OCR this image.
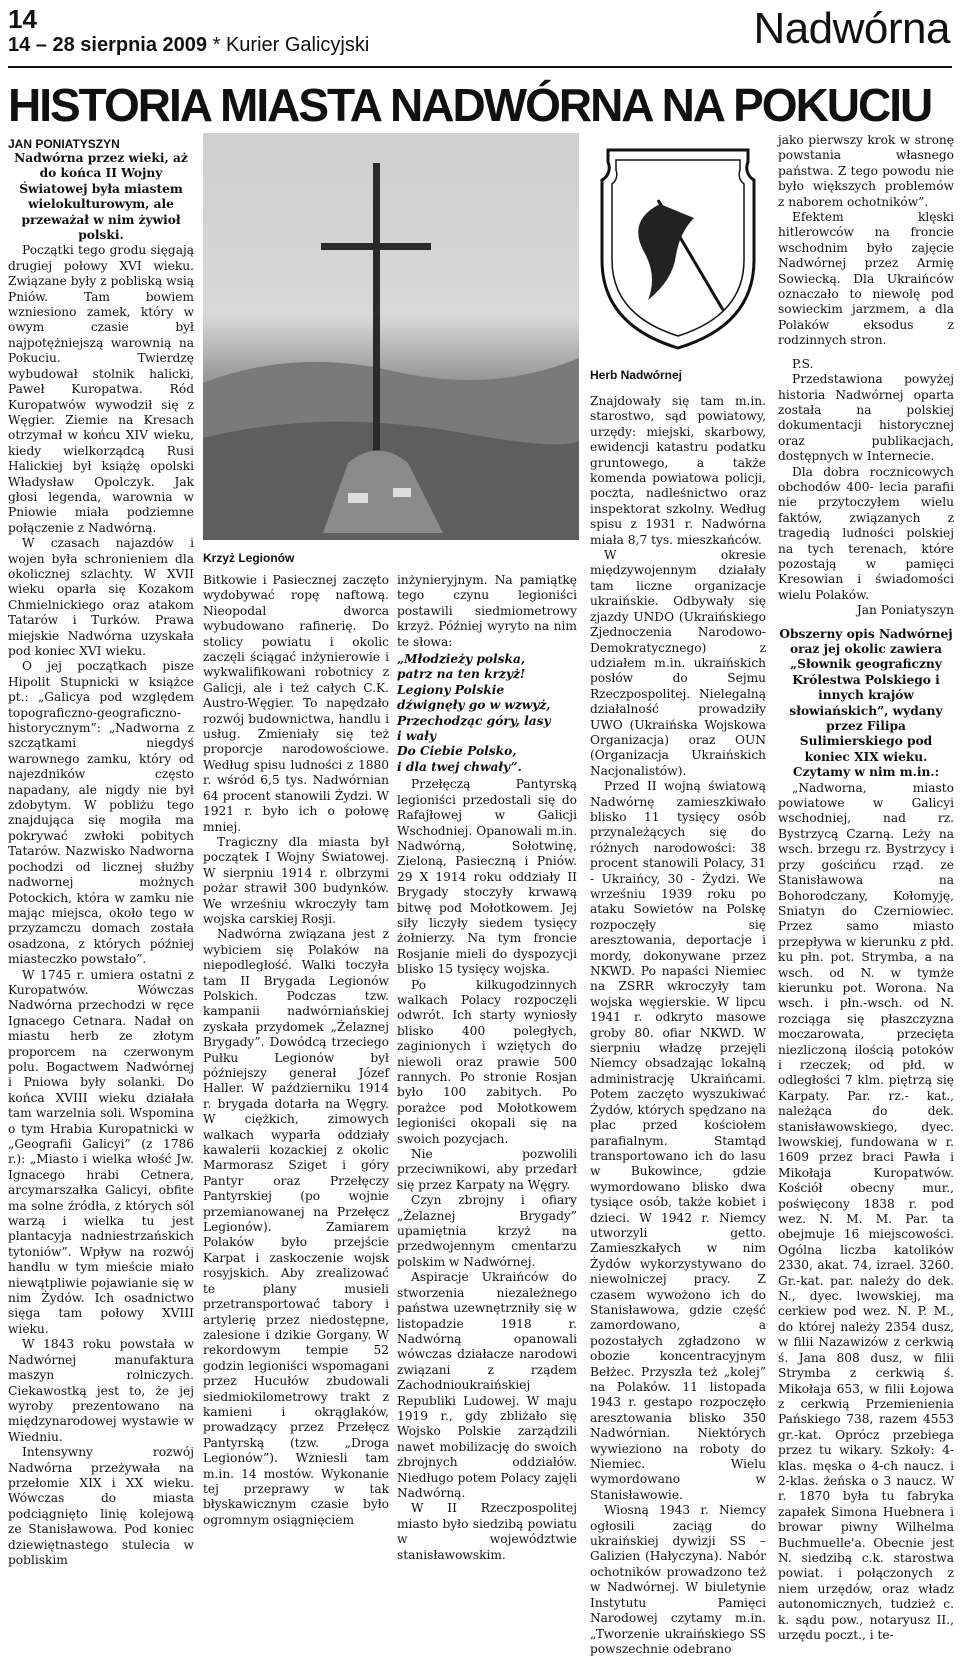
14
14 – 28 sierpnia 2009 * Kurier Galicyjski	Nadwórna
HISTORIA MIASTA NADWÓRNA NA POKUCIU

JAN PONIATYSZYN

Nadwórna przez wieki, aż do końca II Wojny Światowej była miastem wielokulturowym, ale przeważał w nim żywioł polski.

Początki tego grodu sięgają drugiej połowy XVI wieku. Związane były z pobliską wsią Pniów. Tam bowiem wzniesiono zamek, który w owym czasie był najpotężniejszą warownią na Pokuciu. Twierdzę wybudował stolnik halicki, Paweł Kuropatwa. Ród Kuropatwów wywodził się z Węgier. Ziemie na Kresach otrzymał w końcu XIV wieku, kiedy wielkorządcą Rusi Halickiej był książę opolski Władysław Opolczyk. Jak głosi legenda, warownia w Pniowie miała podziemne połączenie z Nadwórną.

W czasach najazdów i wojen była schronieniem dla okolicznej szlachty. W XVII wieku oparła się Kozakom Chmielnickiego oraz atakom Tatarów i Turków. Prawa miejskie Nadwórna uzyskała pod koniec XVI wieku.

O jej początkach pisze Hipolit Stupnicki w książce pt.: „Galicya pod względem topograficzno-geograficzno-historycznym”: „Nadworna z szczątkami niegdyś warownego zamku, który od najezdników często napadany, ale nigdy nie był zdobytym. W pobliżu tego znajdująca się mogiła ma pokrywać zwłoki pobitych Tatarów. Nazwisko Nadworna pochodzi od licznej służby nadwornej możnych Potockich, która w zamku nie mając miejsca, około tego w przyzamczu domach została osadzona, z których później miasteczko powstało”.

W 1745 r. umiera ostatni z Kuropatwów. Wówczas Nadwórna przechodzi w ręce Ignacego Cetnara. Nadał on miastu herb ze złotym proporcem na czerwonym polu. Bogactwem Nadwórnej i Pniowa były solanki. Do końca XVIII wieku działała tam warzelnia soli. Wspomina o tym Hrabia Kuropatnicki w „Geografii Galicyi” (z 1786 r.): „Miasto i wielka włość Jw. Ignacego hrabi Cetnera, arcymarszałka Galicyi, obfite ma solne źródła, z których sól warzą i wielka tu jest plantacyja nadniestrzańskich tytoniów”. Wpływ na rozwój handlu w tym mieście miało niewątpliwie pojawianie się w nim Żydów. Ich osadnictwo sięga tam połowy XVIII wieku.

W 1843 roku powstała w Nadwórnej manufaktura maszyn rolniczych. Ciekawostką jest to, że jej wyroby prezentowano na międzynarodowej wystawie w Wiedniu.

Intensywny rozwój Nadwórna przeżywała na przełomie XIX i XX wieku. Wówczas do miasta podciągnięto linię kolejową ze Stanisławowa. Pod koniec dziewiętnastego stulecia w pobliskim

Krzyż Legionów

Bitkowie i Pasiecznej zaczęto wydobywać ropę naftową. Nieopodal dworca wybudowano rafinerię. Do stolicy powiatu i okolic zaczęli ściągać inżynierowie i wykwalifikowani robotnicy z Galicji, ale i też całych C.K. Austro-Węgier. To napędzało rozwój budownictwa, handlu i usług. Zmieniały się też proporcje narodowościowe. Według spisu ludności z 1880 r. wśród 6,5 tys. Nadwórnian 64 procent stanowili Żydzi. W 1921 r. było ich o połowę mniej.

Tragiczny dla miasta był początek I Wojny Światowej. W sierpniu 1914 r. olbrzymi pożar strawił 300 budynków. We wrześniu wkroczyły tam wojska carskiej Rosji.

Nadwórna związana jest z wybiciem się Polaków na niepodległość. Walki toczyła tam II Brygada Legionów Polskich. Podczas tzw. kampanii nadwórniańskiej zyskała przydomek „Żelaznej Brygady”. Dowódcą trzeciego Pułku Legionów był późniejszy generał Józef Haller. W październiku 1914 r. brygada dotarła na Węgry. W ciężkich, zimowych walkach wyparła oddziały kawalerii kozackiej z okolic Marmorasz Sziget i góry Pantyr oraz Przełęczy Pantyrskiej (po wojnie przemianowanej na Przełęcz Legionów). Zamiarem Polaków było przejście Karpat i zaskoczenie wojsk rosyjskich. Aby zrealizować te plany musieli przetransportować tabory i artylerię przez niedostępne, zalesione i dzikie Gorgany. W rekordowym tempie 52 godzin legioniści wspomagani przez Hucułów zbudowali siedmiokilometrowy trakt z kamieni i okrąglaków, prowadzący przez Przełęcz Pantyrską (tzw. „Droga Legionów”). Wzniesli tam m.in. 14 mostów. Wykonanie tej przeprawy w tak błyskawicznym czasie było ogromnym osiągnięciem

inżynieryjnym. Na pamiątkę tego czynu legioniści postawili siedmiometrowy krzyż. Później wyryto na nim te słowa:

„Młodzieży polska,
patrz na ten krzyż!
Legiony Polskie
dźwignęły go w wzwyż,
Przechodząc góry, lasy
i wały
Do Ciebie Polsko,
i dla twej chwały”.

Przełęczą Pantyrską legioniści przedostali się do Rafajłowej w Galicji Wschodniej. Opanowali m.in. Nadwórną, Sołotwinę, Zieloną, Pasieczną i Pniów. 29 X 1914 roku oddziały II Brygady stoczyły krwawą bitwę pod Mołotkowem. Jej siły liczyły siedem tysięcy żołnierzy. Na tym froncie Rosjanie mieli do dyspozycji blisko 15 tysięcy wojska.

Po kilkugodzinnych walkach Polacy rozpoczęli odwrót. Ich starty wyniosły blisko 400 poległych, zaginionych i wziętych do niewoli oraz prawie 500 rannych. Po stronie Rosjan było 100 zabitych. Po porażce pod Mołotkowem legioniści okopali się na swoich pozycjach.

Nie pozwolili przeciwnikowi, aby przedarł się przez Karpaty na Węgry.

Czyn zbrojny i ofiary „Żelaznej Brygady” upamiętnia krzyż na przedwojennym cmentarzu polskim w Nadwórnej.

Aspiracje Ukraińców do stworzenia niezależnego państwa uzewnętrzniły się w listopadzie 1918 r. Nadwórną opanowali wówczas działacze narodowi związani z rządem Zachodnioukraińskiej Republiki Ludowej. W maju 1919 r., gdy zbliżało się Wojsko Polskie zarządzili nawet mobilizację do swoich zbrojnych oddziałów. Niedługo potem Polacy zajęli Nadwórną.

W II Rzeczpospolitej miasto było siedzibą powiatu w województwie stanisławowskim.

Herb Nadwórnej

Znajdowały się tam m.in. starostwo, sąd powiatowy, urzędy: miejski, skarbowy, ewidencji katastru podatku gruntowego, a także komenda powiatowa policji, poczta, nadleśnictwo oraz inspektorat szkolny. Według spisu z 1931 r. Nadwórna miała 8,7 tys. mieszkańców.

W okresie międzywojennym działały tam liczne organizacje ukraińskie. Odbywały się zjazdy UNDO (Ukraińskiego Zjednoczenia Narodowo-Demokratycznego) z udziałem m.in. ukraińskich posłów do Sejmu Rzeczpospolitej. Nielegalną działalność prowadziły UWO (Ukraińska Wojskowa Organizacja) oraz OUN (Organizacja Ukraińskich Nacjonalistów).

Przed II wojną światową Nadwórnę zamieszkiwało blisko 11 tysięcy osób przynależących się do różnych narodowości: 38 procent stanowili Polacy, 31 - Ukraińcy, 30 - Żydzi. We wrześniu 1939 roku po ataku Sowietów na Polskę rozpoczęły się aresztowania, deportacje i mordy, dokonywane przez NKWD. Po napaści Niemiec na ZSRR wkroczyły tam wojska węgierskie. W lipcu 1941 r. odkryto masowe groby 80. ofiar NKWD. W sierpniu władzę przejęli Niemcy obsadzając lokalną administrację Ukraińcami. Potem zaczęto wyszukiwać Żydów, których spędzano na plac przed kościołem parafialnym. Stamtąd transportowano ich do lasu w Bukowince, gdzie wymordowano blisko dwa tysiące osób, także kobiet i dzieci. W 1942 r. Niemcy utworzyli getto. Zamieszkałych w nim Żydów wykorzystywano do niewolniczej pracy. Z czasem wywożono ich do Stanisławowa, gdzie część zamordowano, a pozostałych zgładzono w obozie koncentracyjnym Bełżec. Przyszła też „kolej” na Polaków. 11 listopada 1943 r. gestapo rozpoczęło aresztowania blisko 350 Nadwórnian. Niektórych wywieziono na roboty do Niemiec. Wielu wymordowano w Stanisławowie.

Wiosną 1943 r. Niemcy ogłosili zaciąg do ukraińskiej dywizji SS – Galizien (Hałyczyna). Nabór ochotników prowadzono też w Nadwórnej. W biuletynie Instytutu Pamięci Narodowej czytamy m.in. „Tworzenie ukraińskiego SS powszechnie odebrano

jako pierwszy krok w stronę powstania własnego państwa. Z tego powodu nie było większych problemów z naborem ochotników”.

Efektem klęski hitlerowców na froncie wschodnim było zajęcie Nadwórnej przez Armię Sowiecką. Dla Ukraińców oznaczało to niewolę pod sowieckim jarzmem, a dla Polaków eksodus z rodzinnych stron.

P.S.

Przedstawiona powyżej historia Nadwórnej oparta została na polskiej dokumentacji historycznej oraz publikacjach, dostępnych w Internecie.

Dla dobra rocznicowych obchodów 400- lecia parafii nie przytoczyłem wielu faktów, związanych z tragedią ludności polskiej na tych terenach, które pozostają w pamięci Kresowian i świadomości wielu Polaków.

Jan Poniatyszyn

Obszerny opis Nadwórnej oraz jej okolic zawiera „Słownik geograficzny Królestwa Polskiego i innych krajów słowiańskich”, wydany przez Filipa Sulimierskiego pod koniec XIX wieku. Czytamy w nim m.in.:

„Nadworna, miasto powiatowe w Galicyi wschodniej, nad rz. Bystrzycą Czarną. Leży na wsch. brzegu rz. Bystrzycy i przy gościńcu rząd. ze Stanisławowa na Bohorodczany, Kołomyję, Sniatyn do Czerniowiec. Przez samo miasto przepływa w kierunku z płd. ku płn. pot. Strymba, a na wsch. od N. w tymże kierunku pot. Worona. Na wsch. i płn.-wsch. od N. rozciąga się płaszczyzna moczarowata, przecięta niezliczoną ilością potoków i rzeczek; od płd. w odległości 7 klm. piętrzą się Karpaty. Par. rz.- kat., należąca do dek. stanisławowskiego, dyec. lwowskiej, fundowana w r. 1609 przez braci Pawła i Mikołaja Kuropatwów. Kościół obecny mur., poświęcony 1838 r. pod wez. N. M. M. Par. ta obejmuje 16 miejscowości. Ogólna liczba katolików 2330, akat. 74, izrael. 3260. Gr.-kat. par. należy do dek. N., dyec. lwowskiej, ma cerkiew pod wez. N. P. M., do której należy 2354 dusz, w filii Nazawizów z cerkwią ś. Jana 808 dusz, w filii Strymba z cerkwią ś. Mikołaja 653, w filii Łojowa z cerkwią Przemienienia Pańskiego 738, razem 4553 gr.-kat. Oprócz przebiega przez tu wikary. Szkoły: 4-klas. męska o 4-ch naucz. i 2-klas. żeńska o 3 naucz. W r. 1870 była tu fabryka zapałek Simona Huebnera i browar piwny Wilhelma Buchmuelle'a. Obecnie jest N. siedzibą c.k. starostwa powiat. i połączonych z niem urzędów, oraz władz autonomicznych, tudzież c. k. sądu pow., notaryusz II., urzędu poczt., i te-
